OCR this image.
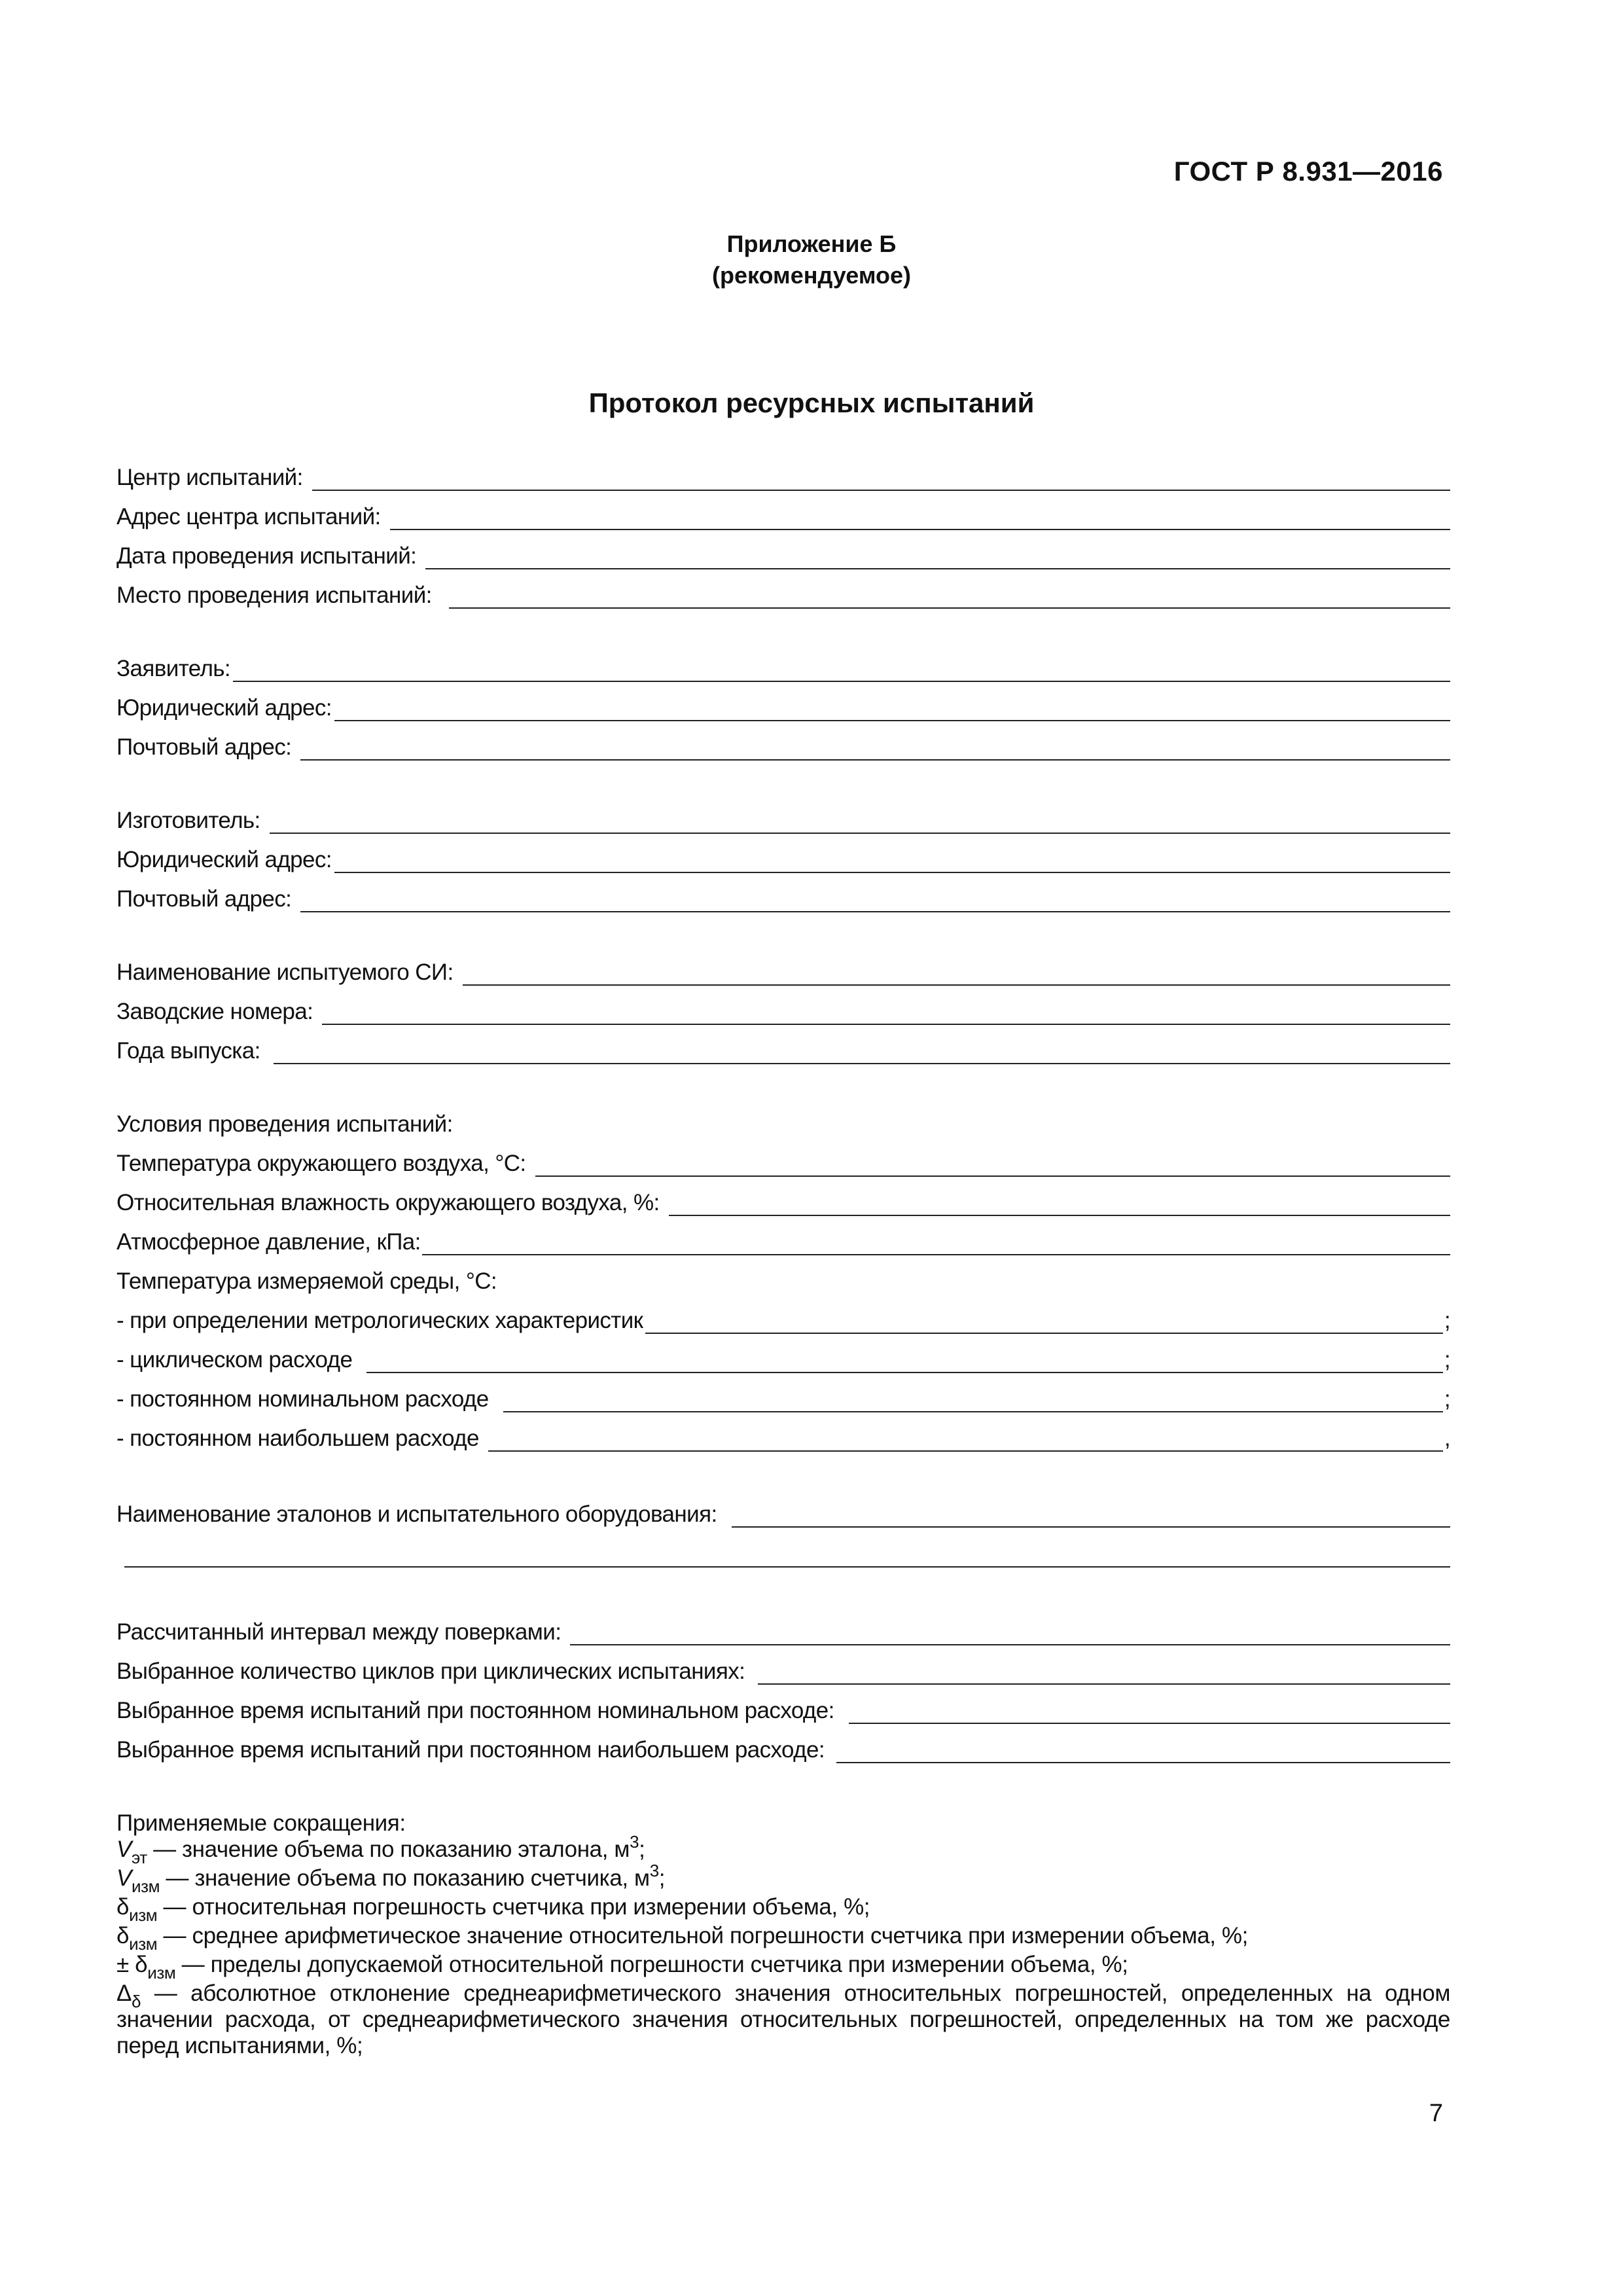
ГОСТ Р 8.931—2016
Приложение Б
(рекомендуемое)
Протокол ресурсных испытаний
Центр испытаний:
Адрес центра испытаний:
Дата проведения испытаний:
Место проведения испытаний:
Заявитель:
Юридический адрес:
Почтовый адрес:
Изготовитель:
Юридический адрес:
Почтовый адрес:
Наименование испытуемого СИ:
Заводские номера:
Года выпуска:
Условия проведения испытаний:
Температура окружающего воздуха, °С:
Относительная влажность окружающего воздуха, %:
Атмосферное давление, кПа:
Температура измеряемой среды, °С:
- при определении метрологических характеристик	;
- циклическом расходе	;
- постоянном номинальном расходе	;
- постоянном наибольшем расходе	,
Наименование эталонов и испытательного оборудования:
Рассчитанный интервал между поверками:
Выбранное количество циклов при циклических испытаниях:
Выбранное время испытаний при постоянном номинальном расходе:
Выбранное время испытаний при постоянном наибольшем расходе:
Применяемые сокращения:
$V_{эт}$ — значение объема по показанию эталона, $м^3$;
$V_{изм}$ — значение объема по показанию счетчика, $м^3$;
$\delta_{изм}$ — относительная погрешность счетчика при измерении объема, %;
$\delta_{изм}$ — среднее арифметическое значение относительной погрешности счетчика при измерении объема, %;
± $\delta_{изм}$ — пределы допускаемой относительной погрешности счетчика при измерении объема, %;
$\Delta_\delta$ — абсолютное отклонение среднеарифметического значения относительных погрешностей, определенных на одном значении расхода, от среднеарифметического значения относительных погрешностей, определенных на том же расходе перед испытаниями, %;
7
